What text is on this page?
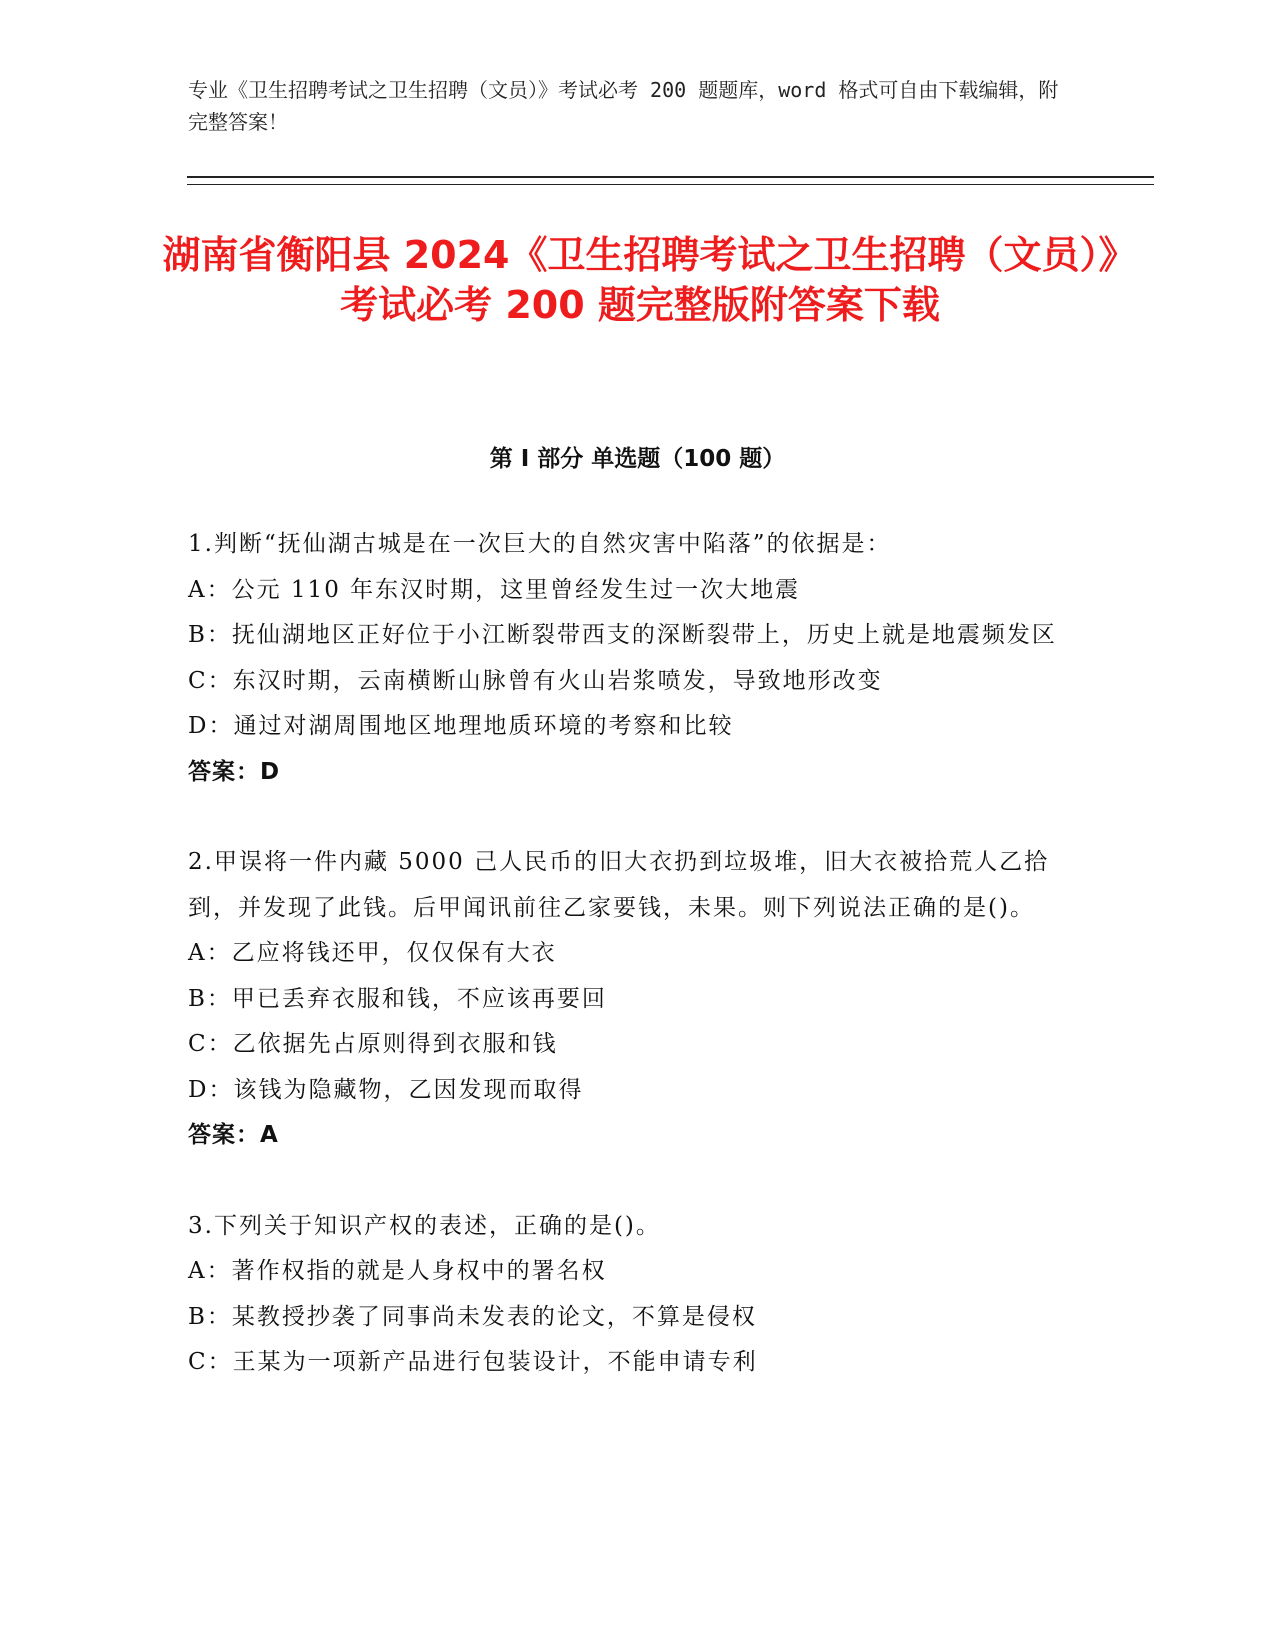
专业《卫生招聘考试之卫生招聘（文员）》考试必考 200 题题库，word 格式可自由下载编辑，附完整答案！
湖南省衡阳县 2024《卫生招聘考试之卫生招聘（文员）》考试必考 200 题完整版附答案下载
第 I 部分 单选题（100 题）

1.判断“抚仙湖古城是在一次巨大的自然灾害中陷落”的依据是：

A：公元 110 年东汉时期，这里曾经发生过一次大地震

B：抚仙湖地区正好位于小江断裂带西支的深断裂带上，历史上就是地震频发区

C：东汉时期，云南横断山脉曾有火山岩浆喷发，导致地形改变

D：通过对湖周围地区地理地质环境的考察和比较

答案：D

2.甲误将一件内藏 5000 己人民币的旧大衣扔到垃圾堆，旧大衣被拾荒人乙拾到，并发现了此钱。后甲闻讯前往乙家要钱，未果。则下列说法正确的是()。

A：乙应将钱还甲，仅仅保有大衣

B：甲已丢弃衣服和钱，不应该再要回

C：乙依据先占原则得到衣服和钱

D：该钱为隐藏物，乙因发现而取得

答案：A

3.下列关于知识产权的表述，正确的是()。

A：著作权指的就是人身权中的署名权

B：某教授抄袭了同事尚未发表的论文，不算是侵权

C：王某为一项新产品进行包装设计，不能申请专利
